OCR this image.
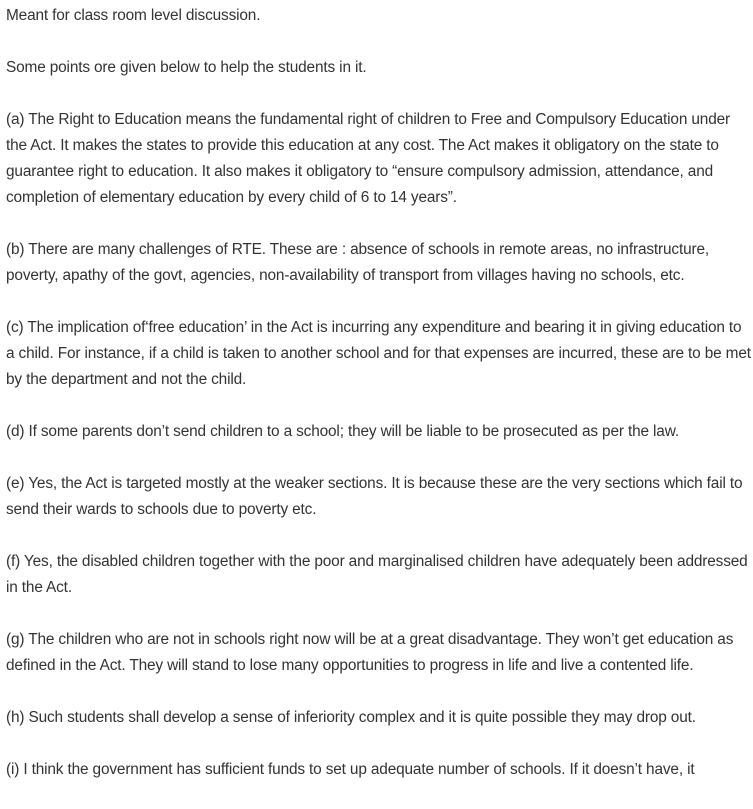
Meant for class room level discussion.

Some points ore given below to help the students in it.

(a) The Right to Education means the fundamental right of children to Free and Compulsory Education under the Act. It makes the states to provide this education at any cost. The Act makes it obligatory on the state to guarantee right to education. It also makes it obligatory to “ensure compulsory admission, attendance, and completion of elementary education by every child of 6 to 14 years”.

(b) There are many challenges of RTE. These are : absence of schools in remote areas, no infrastructure, poverty, apathy of the govt, agencies, non-availability of transport from villages having no schools, etc.

(c) The implication of‘free education’ in the Act is incurring any expenditure and bearing it in giving education to a child. For instance, if a child is taken to another school and for that expenses are incurred, these are to be met by the department and not the child.

(d) If some parents don’t send children to a school; they will be liable to be prosecuted as per the law.

(e) Yes, the Act is targeted mostly at the weaker sections. It is because these are the very sections which fail to send their wards to schools due to poverty etc.

(f) Yes, the disabled children together with the poor and marginalised children have adequately been addressed in the Act.

(g) The children who are not in schools right now will be at a great disadvantage. They won’t get education as defined in the Act. They will stand to lose many opportunities to progress in life and live a contented life.

(h) Such students shall develop a sense of inferiority complex and it is quite possible they may drop out.

(i) I think the government has sufficient funds to set up adequate number of schools. If it doesn’t have, it
